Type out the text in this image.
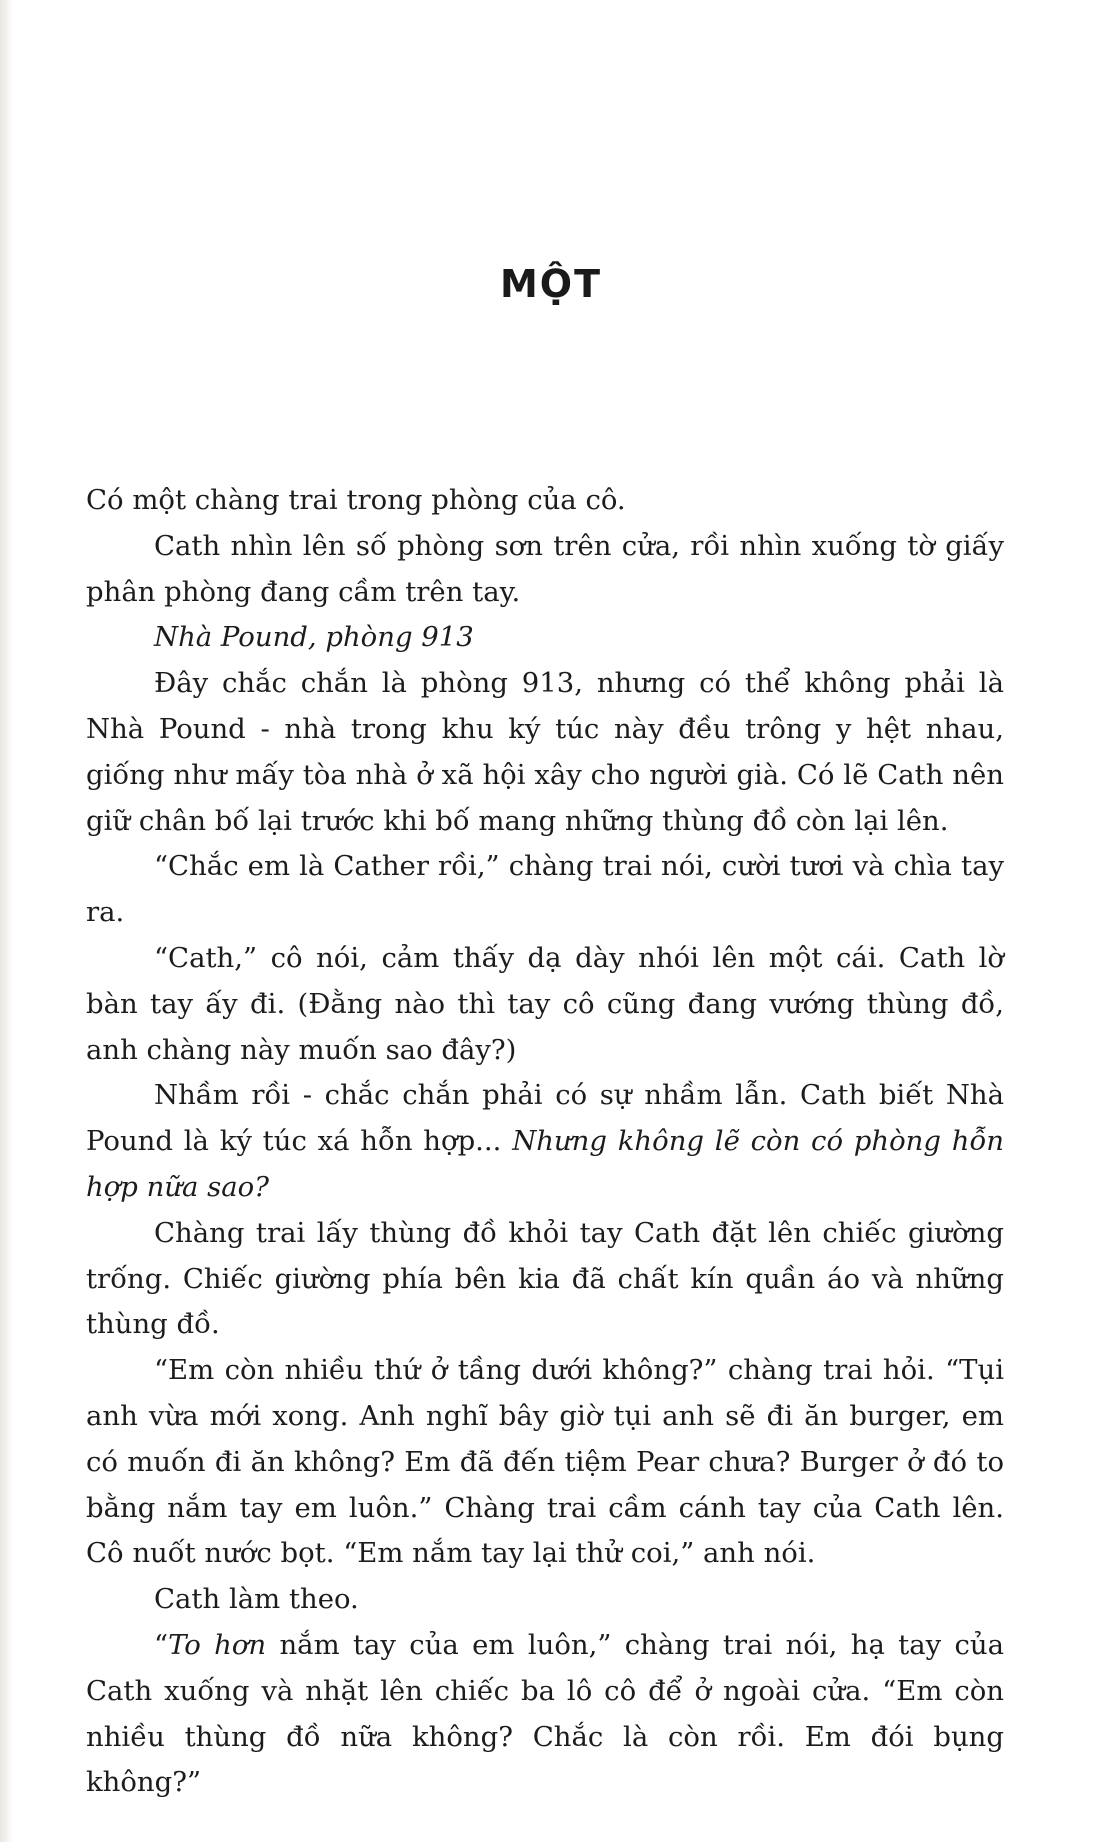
MỘT

Có một chàng trai trong phòng của cô.

Cath nhìn lên số phòng sơn trên cửa, rồi nhìn xuống tờ giấy phân phòng đang cầm trên tay.

Nhà Pound, phòng 913

Đây chắc chắn là phòng 913, nhưng có thể không phải là Nhà Pound - nhà trong khu ký túc này đều trông y hệt nhau, giống như mấy tòa nhà ở xã hội xây cho người già. Có lẽ Cath nên giữ chân bố lại trước khi bố mang những thùng đồ còn lại lên.

“Chắc em là Cather rồi,” chàng trai nói, cười tươi và chìa tay ra.

“Cath,” cô nói, cảm thấy dạ dày nhói lên một cái. Cath lờ bàn tay ấy đi. (Đằng nào thì tay cô cũng đang vướng thùng đồ, anh chàng này muốn sao đây?)

Nhầm rồi - chắc chắn phải có sự nhầm lẫn. Cath biết Nhà Pound là ký túc xá hỗn hợp... Nhưng không lẽ còn có phòng hỗn hợp nữa sao?

Chàng trai lấy thùng đồ khỏi tay Cath đặt lên chiếc giường trống. Chiếc giường phía bên kia đã chất kín quần áo và những thùng đồ.

“Em còn nhiều thứ ở tầng dưới không?” chàng trai hỏi. “Tụi anh vừa mới xong. Anh nghĩ bây giờ tụi anh sẽ đi ăn burger, em có muốn đi ăn không? Em đã đến tiệm Pear chưa? Burger ở đó to bằng nắm tay em luôn.” Chàng trai cầm cánh tay của Cath lên. Cô nuốt nước bọt. “Em nắm tay lại thử coi,” anh nói.

Cath làm theo.

“To hơn nắm tay của em luôn,” chàng trai nói, hạ tay của Cath xuống và nhặt lên chiếc ba lô cô để ở ngoài cửa. “Em còn nhiều thùng đồ nữa không? Chắc là còn rồi. Em đói bụng không?”
